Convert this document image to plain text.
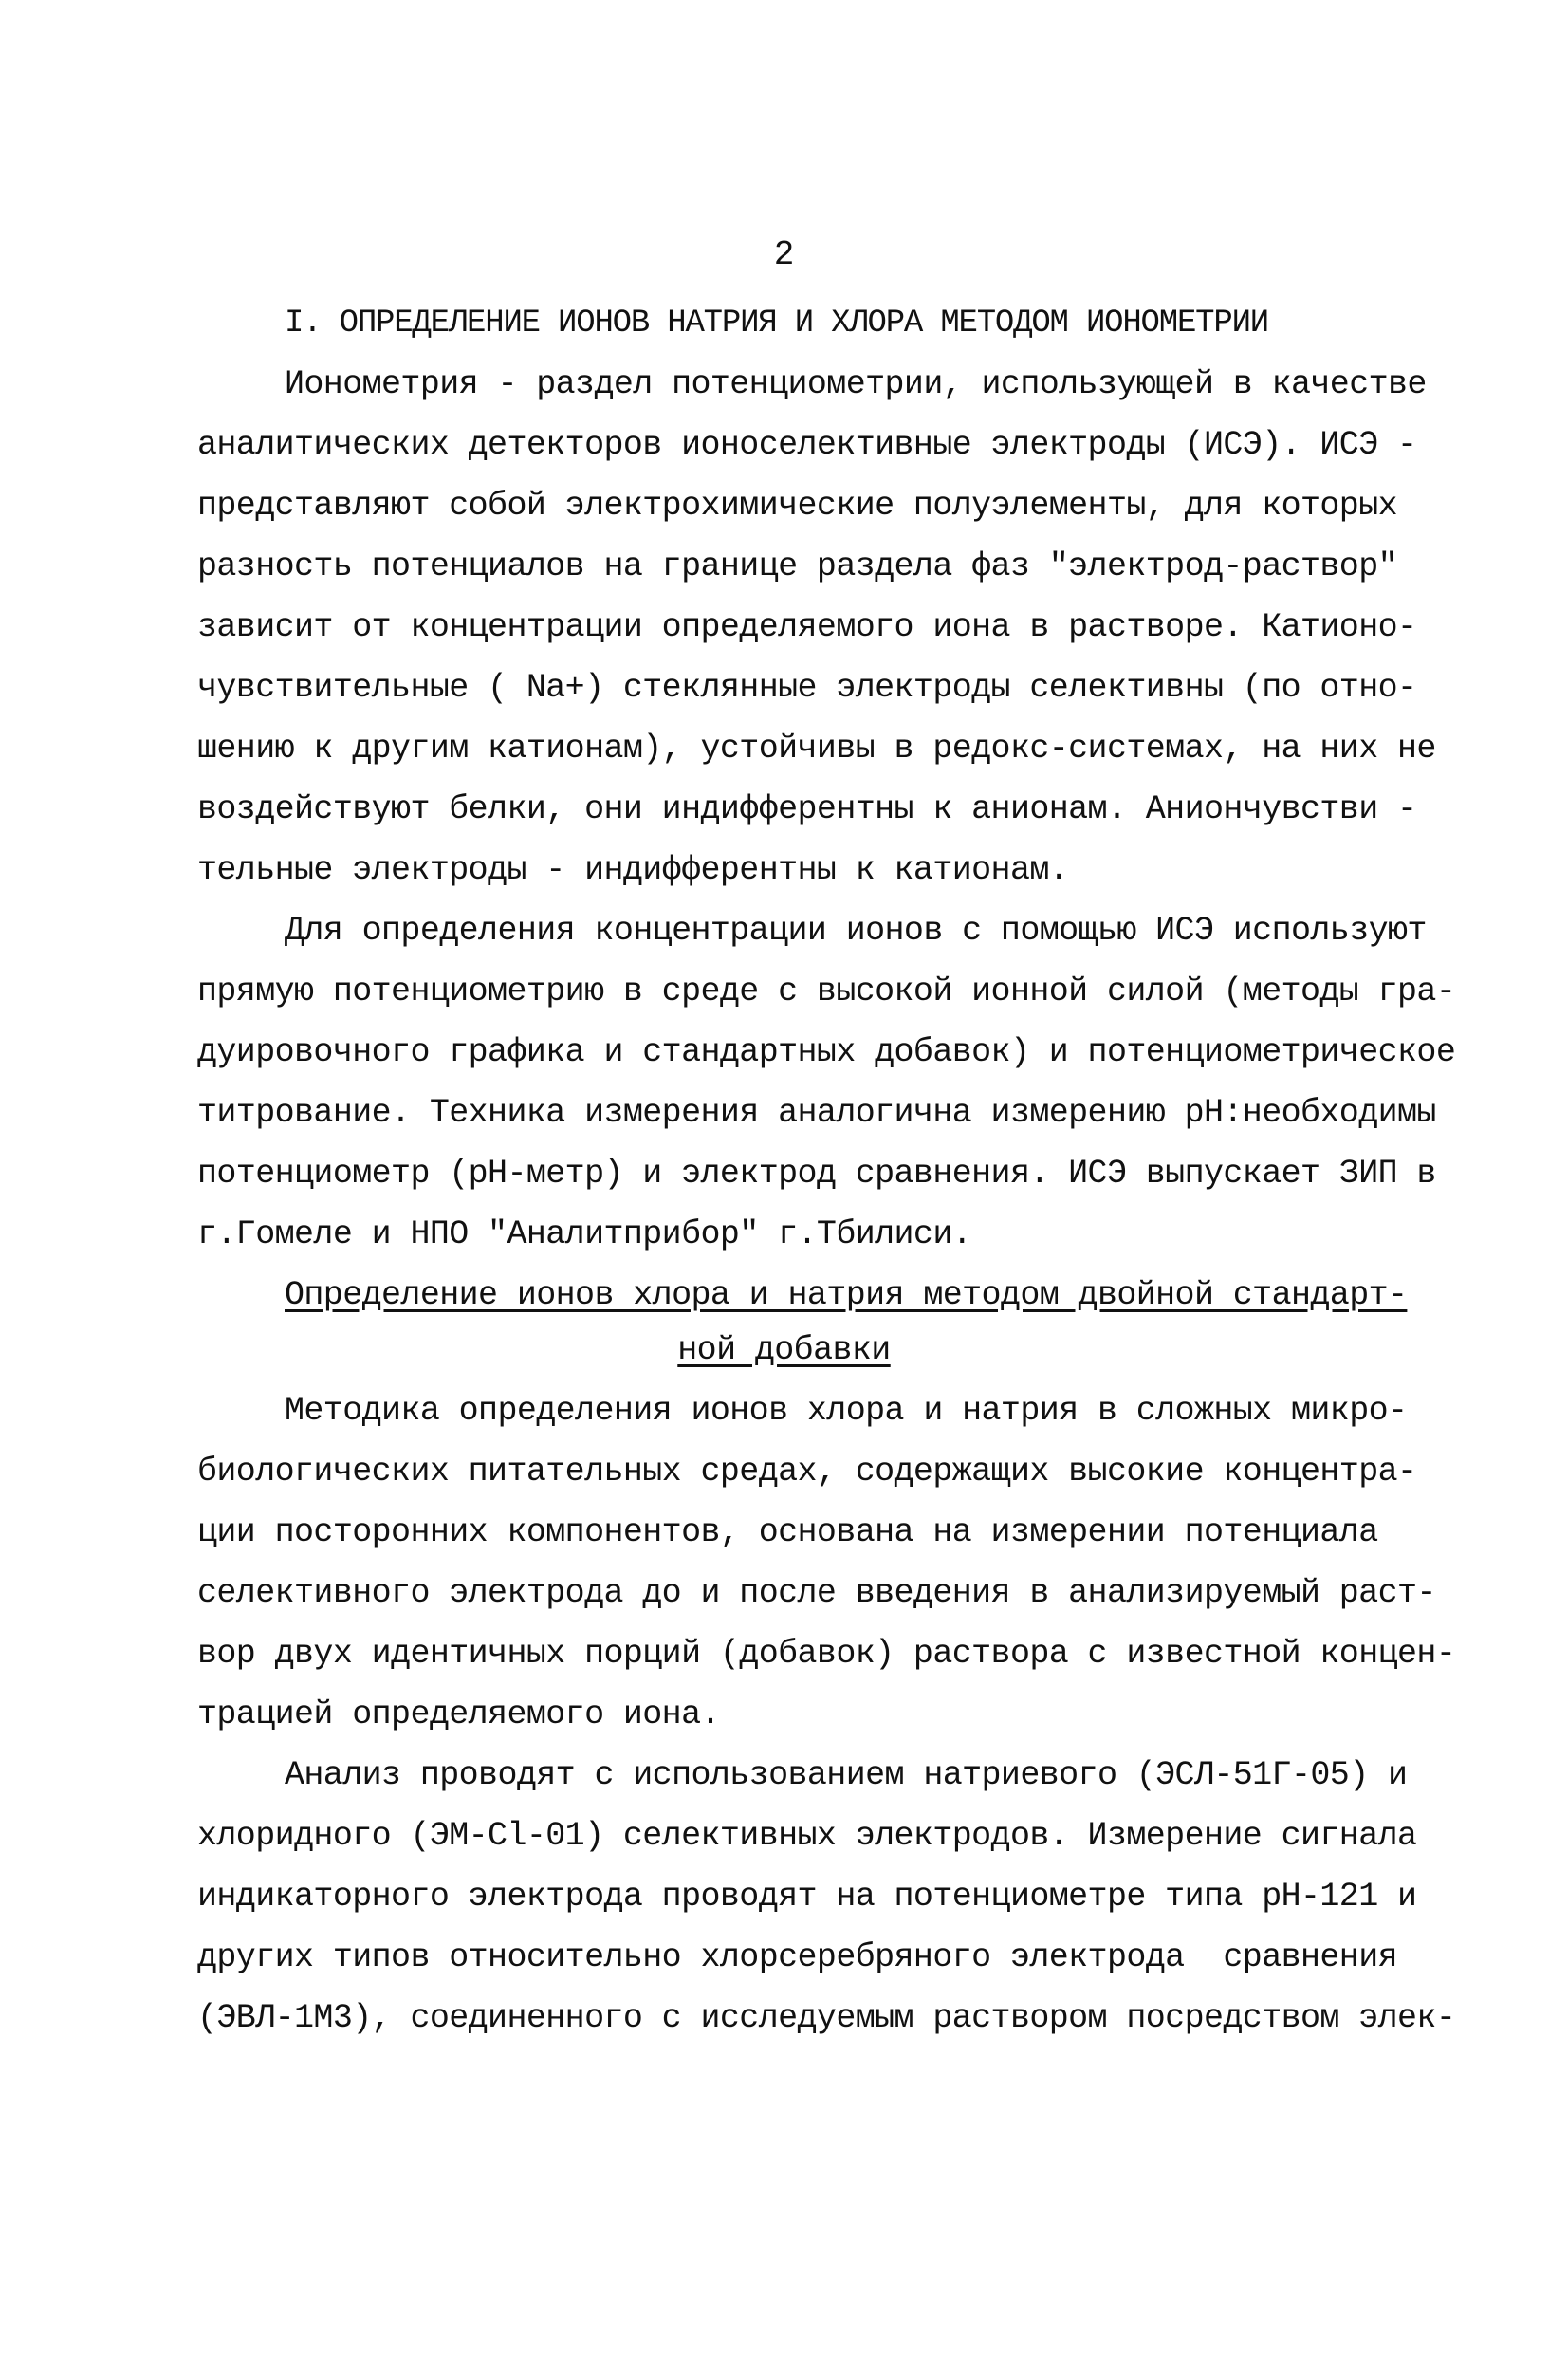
2
I. ОПРЕДЕЛЕНИЕ ИОНОВ НАТРИЯ И ХЛОРА МЕТОДОМ ИОНОМЕТРИИ
Ионометрия - раздел потенциометрии, использующей в качестве
аналитических детекторов ионоселективные электроды (ИСЭ). ИСЭ -
представляют собой электрохимические полуэлементы, для которых
разность потенциалов на границе раздела фаз "электрод-раствор"
зависит от концентрации определяемого иона в растворе. Катионо-
чувствительные ( Na+) стеклянные электроды селективны (по отно-
шению к другим катионам), устойчивы в редокс-системах, на них не
воздействуют белки, они индифферентны к анионам. Аниончувстви -
тельные электроды - индифферентны к катионам.
Для определения концентрации ионов с помощью ИСЭ используют
прямую потенциометрию в среде с высокой ионной силой (методы гра-
дуировочного графика и стандартных добавок) и потенциометрическое
титрование. Техника измерения аналогична измерению pH:необходимы
потенциометр (pH-метр) и электрод сравнения. ИСЭ выпускает ЗИП в
г.Гомеле и НПО "Аналитприбор" г.Тбилиси.
Определение ионов хлора и натрия методом двойной стандарт-
ной добавки
Методика определения ионов хлора и натрия в сложных микро-
биологических питательных средах, содержащих высокие концентра-
ции посторонних компонентов, основана на измерении потенциала
селективного электрода до и после введения в анализируемый раст-
вор двух идентичных порций (добавок) раствора с известной концен-
трацией определяемого иона.
Анализ проводят с использованием натриевого (ЭСЛ-51Г-05) и
хлоридного (ЭМ-Cl-01) селективных электродов. Измерение сигнала
индикаторного электрода проводят на потенциометре типа pH-121 и
других типов относительно хлорсеребряного электрода  сравнения
(ЭВЛ-1М3), соединенного с исследуемым раствором посредством элек-
